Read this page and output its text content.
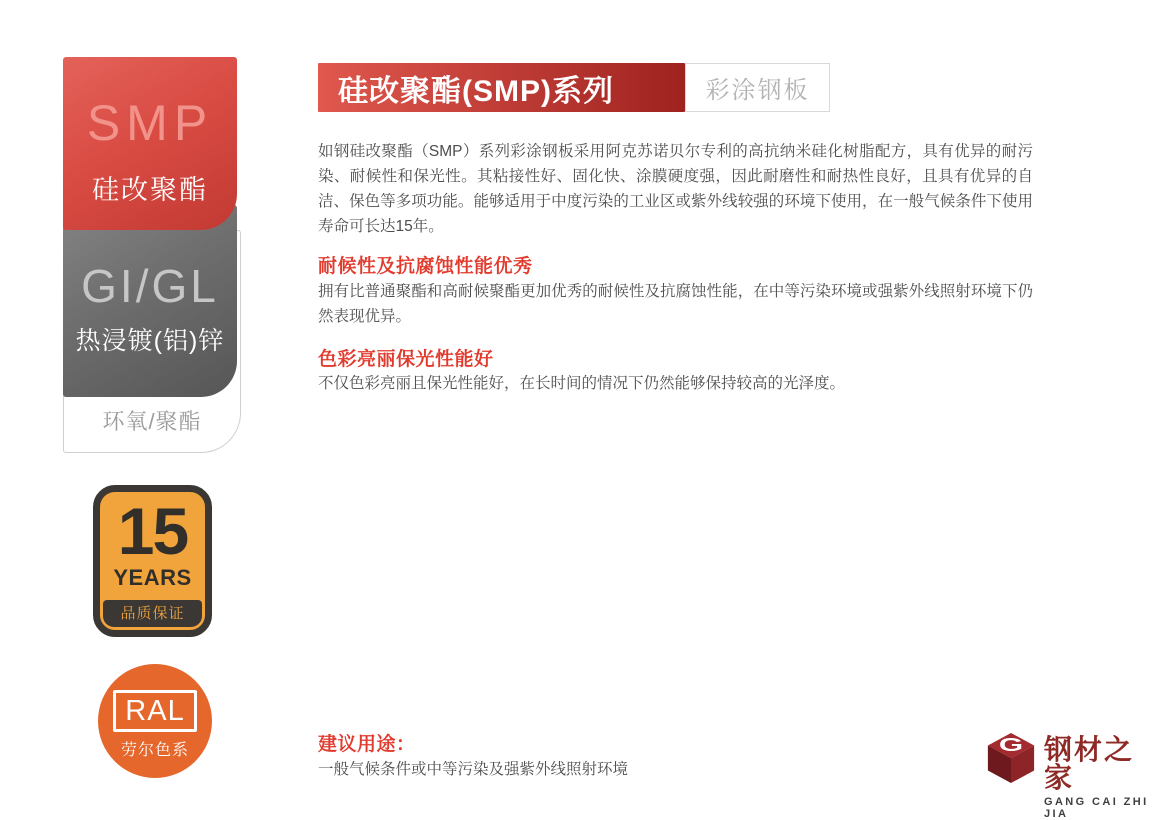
环氧/聚酯
GI/GL
热浸镀(铝)锌
SMP
硅改聚酯
15
YEARS
品质保证
RAL
劳尔色系
硅改聚酯(SMP)系列	彩涂钢板
如钢硅改聚酯（SMP）系列彩涂钢板采用阿克苏诺贝尔专利的高抗纳米硅化树脂配方，具有优异的耐污染、耐候性和保光性。其粘接性好、固化快、涂膜硬度强，因此耐磨性和耐热性良好，且具有优异的自洁、保色等多项功能。能够适用于中度污染的工业区或紫外线较强的环境下使用，在一般气候条件下使用寿命可长达15年。
耐候性及抗腐蚀性能优秀
拥有比普通聚酯和高耐候聚酯更加优秀的耐候性及抗腐蚀性能，在中等污染环境或强紫外线照射环境下仍然表现优异。
色彩亮丽保光性能好
不仅色彩亮丽且保光性能好，在长时间的情况下仍然能够保持较高的光泽度。
建议用途：
一般气候条件或中等污染及强紫外线照射环境
G 钢材之家
GANG CAI ZHI JIA
